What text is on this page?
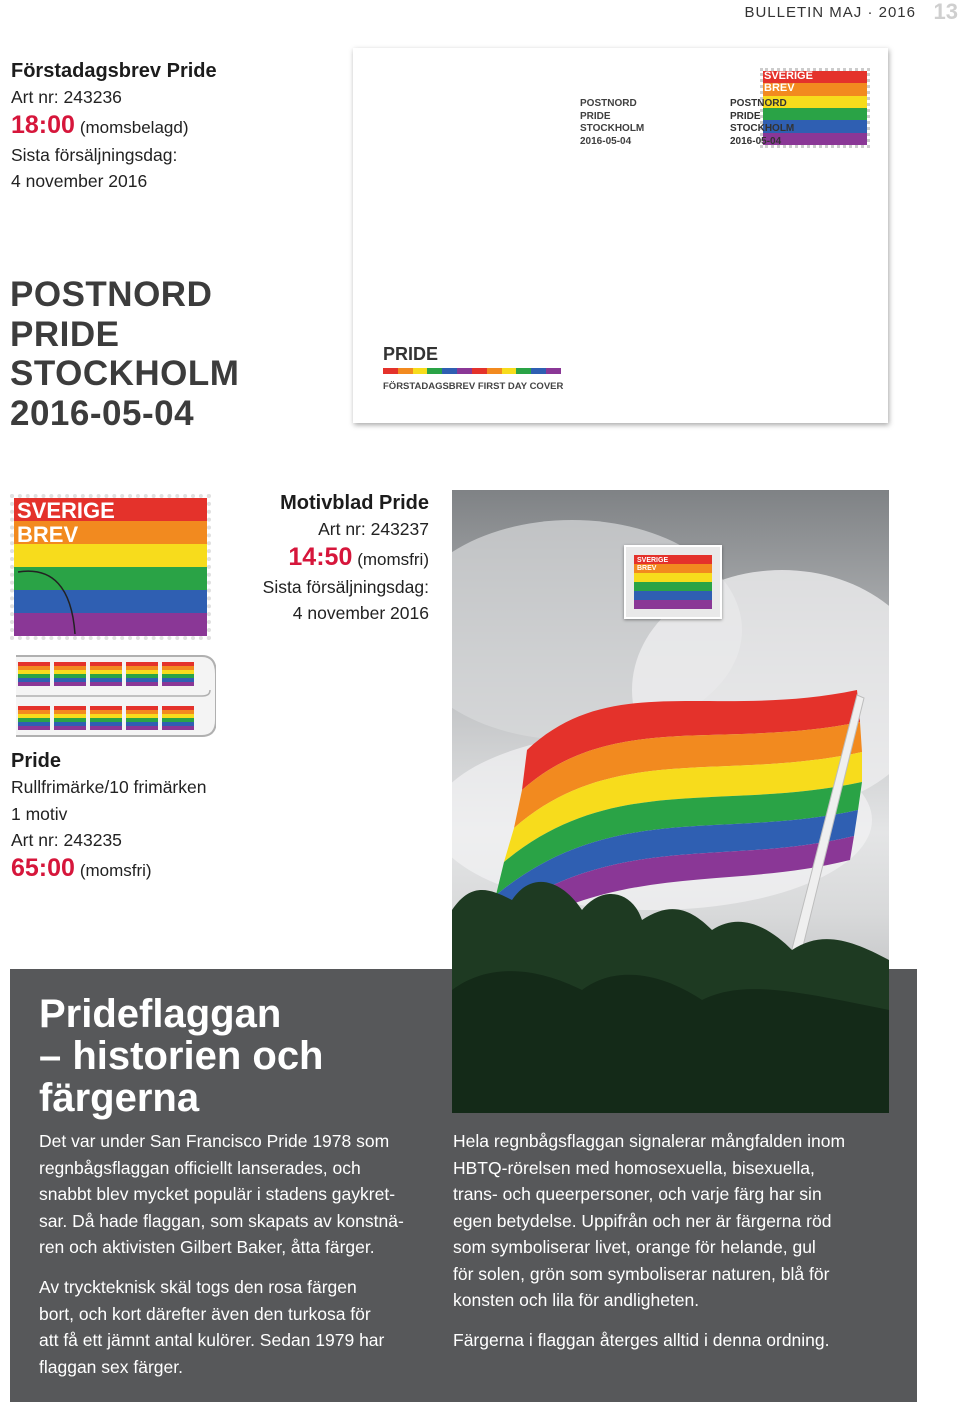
BULLETIN MAJ · 2016 13
Förstadagsbrev Pride
Art nr: 243236
18:00 (momsbelagd)
Sista försäljningsdag:
4 november 2016
POSTNORD
PRIDE
STOCKHOLM
2016-05-04
POSTNORD
PRIDE
STOCKHOLM
2016-05-04
SVERIGE
BREV
POSTNORD
PRIDE
STOCKHOLM
2016-05-04
PRIDE
FÖRSTADAGSBREV FIRST DAY COVER
SVERIGE
BREV
Motivblad Pride
Art nr: 243237
14:50 (momsfri)
Sista försäljningsdag:
4 november 2016
Pride
Rullfrimärke/10 frimärken
1 motiv
Art nr: 243235
65:00 (momsfri)
SVERIGE BREV
Prideflaggan
– historien och
färgerna
Det var under San Francisco Pride 1978 som
regnbågsflaggan officiellt lanserades, och
snabbt blev mycket populär i stadens gaykret-
sar. Då hade flaggan, som skapats av konstnä-
ren och aktivisten Gilbert Baker, åtta färger.
Av tryckteknisk skäl togs den rosa färgen
bort, och kort därefter även den turkosa för
att få ett jämnt antal kulörer. Sedan 1979 har
flaggan sex färger.
Hela regnbågsflaggan signalerar mångfalden inom
HBTQ-rörelsen med homosexuella, bisexuella,
trans- och queerpersoner, och varje färg har sin
egen betydelse. Uppifrån och ner är färgerna röd
som symboliserar livet, orange för helande, gul
för solen, grön som symboliserar naturen, blå för
konsten och lila för andligheten.
Färgerna i flaggan återges alltid i denna ordning.
